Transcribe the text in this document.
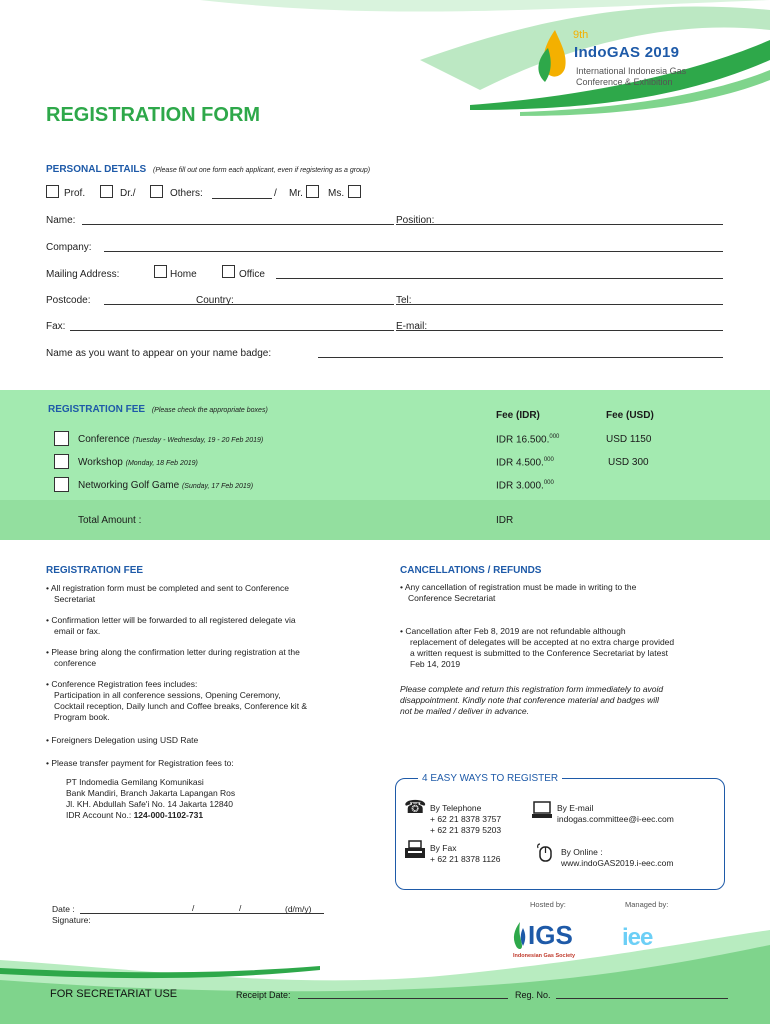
9th
IndoGAS 2019
International Indonesia Gas
Conference & Exhibition
REGISTRATION FORM
PERSONAL DETAILS (Please fill out one form each applicant, even if registering as a group)
Prof.	Dr./	Others:	/ Mr.	Ms.
Name:	Position:
Company:
Mailing Address:	Home	Office
Postcode:	Country:	Tel:
Fax:	E-mail:
Name as you want to appear on your name badge:
REGISTRATION FEE (Please check the appropriate boxes)	Fee (IDR)	Fee (USD)
Conference (Tuesday - Wednesday, 19 - 20 Feb 2019)	IDR 16.500.$^{000}$	USD 1150
Workshop (Monday, 18 Feb 2019)	IDR 4.500.$^{000}$	USD 300
Networking Golf Game (Sunday, 17 Feb 2019)	IDR 3.000.$^{000}$
Total Amount :	IDR
REGISTRATION FEE
• All registration form must be completed and sent to Conference
Secretariat
• Confirmation letter will be forwarded to all registered delegate via
email or fax.
• Please bring along the confirmation letter during registration at the
conference
• Conference Registration fees includes:
Participation in all conference sessions, Opening Ceremony,
Cocktail reception, Daily lunch and Coffee breaks, Conference kit &
Program book.
• Foreigners Delegation using USD Rate
• Please transfer payment for Registration fees to:
PT Indomedia Gemilang Komunikasi
Bank Mandiri, Branch Jakarta Lapangan Ros
Jl. KH. Abdullah Safe'i No. 14 Jakarta 12840
IDR Account No.: 124-000-1102-731
CANCELLATIONS / REFUNDS
• Any cancellation of registration must be made in writing to the
Conference Secretariat
• Cancellation after Feb 8, 2019 are not refundable although
replacement of delegates will be accepted at no extra charge provided
a written request is submitted to the Conference Secretariat by latest
Feb 14, 2019
Please complete and return this registration form immediately to avoid
disappointment. Kindly note that conference material and badges will
not be mailed / deliver in advance.
4 EASY WAYS TO REGISTER
☎ By Telephone
+ 62 21 8378 3757
+ 62 21 8379 5203
By E-mail
indogas.committee@i-eec.com
By Fax
+ 62 21 8378 1126
By Online :
www.indoGAS2019.i-eec.com
Date :	/	/	(d/m/y)
Signature:
Hosted by:	Managed by:
IGS
Indonesian Gas Society
iee
FOR SECRETARIAT USE	Receipt Date:	Reg. No.
